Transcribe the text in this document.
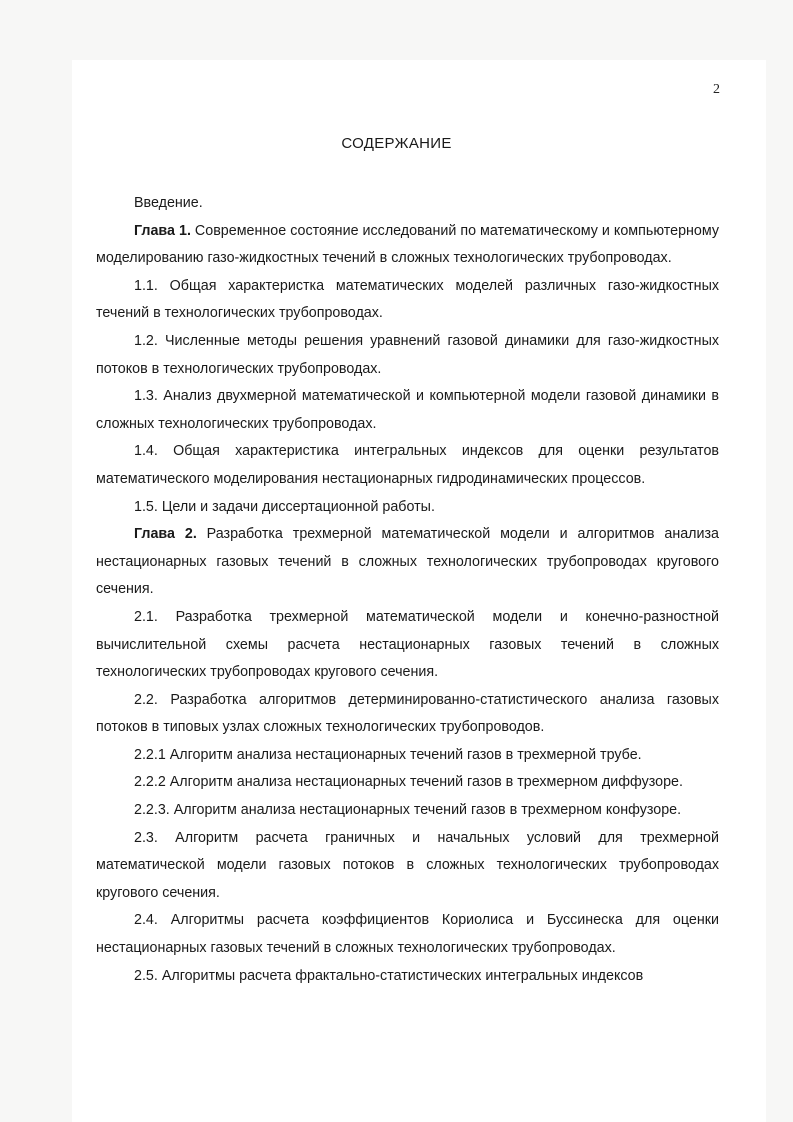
2
СОДЕРЖАНИЕ

Введение.

Глава 1. Современное состояние исследований по математическому и компьютерному моделированию газо-жидкостных течений в сложных технологических трубопроводах.

1.1. Общая характеристка математических моделей различных газо-жидкостных течений в технологических трубопроводах.

1.2. Численные методы решения уравнений газовой динамики для газо-жидкостных потоков в технологических трубопроводах.

1.3. Анализ двухмерной математической и компьютерной модели газовой динамики в сложных технологических трубопроводах.

1.4. Общая характеристика интегральных индексов для оценки результатов математического моделирования нестационарных гидродинамических процессов.

1.5. Цели и задачи диссертационной работы.

Глава 2. Разработка трехмерной математической модели и алгоритмов анализа нестационарных газовых течений в сложных технологических трубопроводах кругового сечения.

2.1. Разработка трехмерной математической модели и конечно-разностной вычислительной схемы расчета нестационарных газовых течений в сложных технологических трубопроводах кругового сечения.

2.2. Разработка алгоритмов детерминированно-статистического анализа газовых потоков в типовых узлах сложных технологических трубопроводов.

2.2.1 Алгоритм анализа нестационарных течений газов в трехмерной трубе.

2.2.2 Алгоритм анализа нестационарных течений газов в трехмерном диффузоре.

2.2.3. Алгоритм анализа нестационарных течений газов в трехмерном конфузоре.

2.3. Алгоритм расчета граничных и начальных условий для трехмерной математической модели газовых потоков в сложных технологических трубопроводах кругового сечения.

2.4. Алгоритмы расчета коэффициентов Кориолиса и Буссинеска для оценки нестационарных газовых течений в сложных технологических трубопроводах.

2.5. Алгоритмы расчета фрактально-статистических интегральных индексов
